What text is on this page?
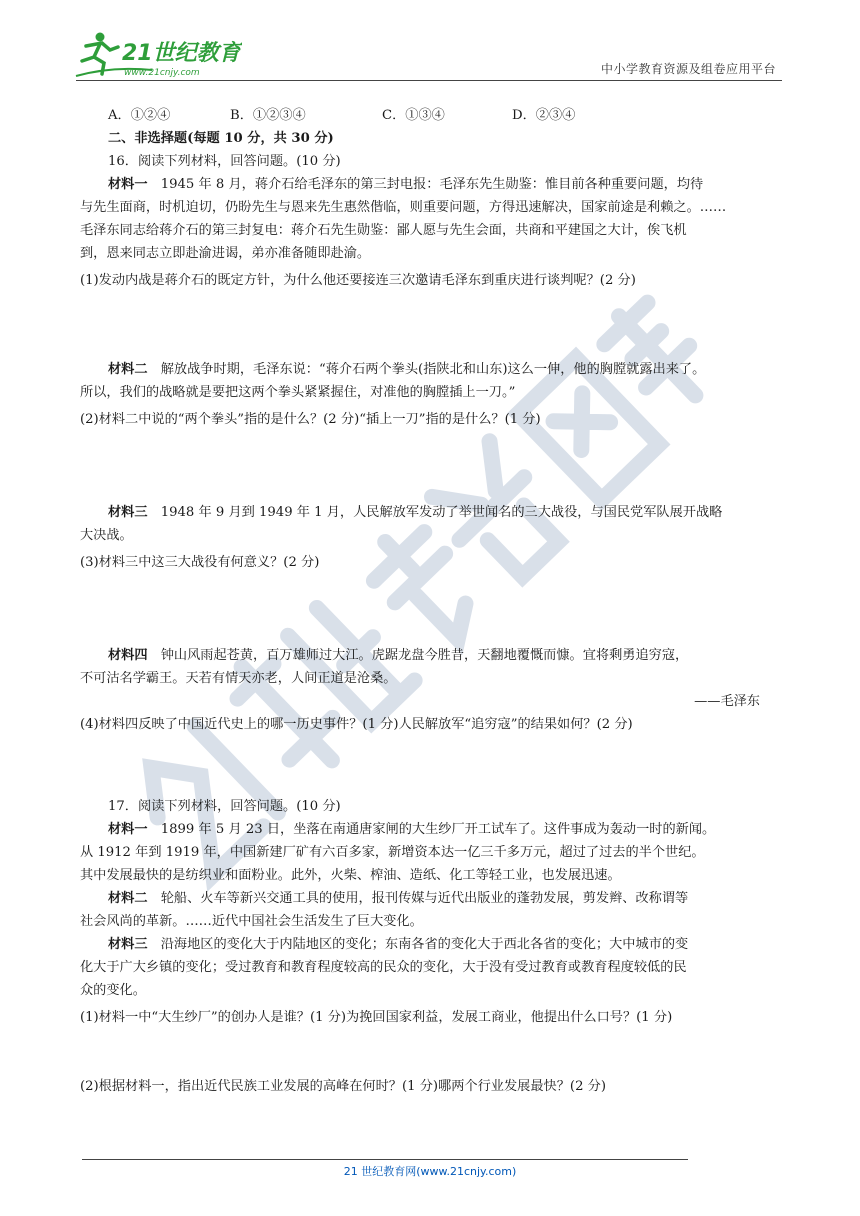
21世纪教育
www.21cnjy.com	中小学教育资源及组卷应用平台
A．①②④	B．①②③④	C．①③④	D．②③④
二、非选择题(每题 10 分，共 30 分)
16．阅读下列材料，回答问题。(10 分)
材料一　1945 年 8 月，蒋介石给毛泽东的第三封电报：毛泽东先生勋鉴：惟目前各种重要问题，均待
与先生面商，时机迫切，仍盼先生与恩来先生惠然偕临，则重要问题，方得迅速解决，国家前途是利赖之。……
毛泽东同志给蒋介石的第三封复电：蒋介石先生勋鉴：鄙人愿与先生会面，共商和平建国之大计，俟飞机
到，恩来同志立即赴渝进谒，弟亦准备随即赴渝。
(1)发动内战是蒋介石的既定方针，为什么他还要接连三次邀请毛泽东到重庆进行谈判呢？(2 分)
材料二　解放战争时期，毛泽东说：“蒋介石两个拳头(指陕北和山东)这么一伸，他的胸膛就露出来了。
所以，我们的战略就是要把这两个拳头紧紧握住，对准他的胸膛插上一刀。”
(2)材料二中说的“两个拳头”指的是什么？(2 分)“插上一刀”指的是什么？(1 分)
材料三　1948 年 9 月到 1949 年 1 月，人民解放军发动了举世闻名的三大战役，与国民党军队展开战略
大决战。
(3)材料三中这三大战役有何意义？(2 分)
材料四　钟山风雨起苍黄，百万雄师过大江。虎踞龙盘今胜昔，天翻地覆慨而慷。宜将剩勇追穷寇，
不可沽名学霸王。天若有情天亦老，人间正道是沧桑。
——毛泽东
(4)材料四反映了中国近代史上的哪一历史事件？(1 分)人民解放军“追穷寇”的结果如何？(2 分)
17．阅读下列材料，回答问题。(10 分)
材料一　1899 年 5 月 23 日，坐落在南通唐家闸的大生纱厂开工试车了。这件事成为轰动一时的新闻。
从 1912 年到 1919 年，中国新建厂矿有六百多家，新增资本达一亿三千多万元，超过了过去的半个世纪。
其中发展最快的是纺织业和面粉业。此外，火柴、榨油、造纸、化工等轻工业，也发展迅速。
材料二　轮船、火车等新兴交通工具的使用，报刊传媒与近代出版业的蓬勃发展，剪发辫、改称谓等
社会风尚的革新。……近代中国社会生活发生了巨大变化。
材料三　沿海地区的变化大于内陆地区的变化；东南各省的变化大于西北各省的变化；大中城市的变
化大于广大乡镇的变化；受过教育和教育程度较高的民众的变化，大于没有受过教育或教育程度较低的民
众的变化。
(1)材料一中“大生纱厂”的创办人是谁？(1 分)为挽回国家利益，发展工商业，他提出什么口号？(1 分)
(2)根据材料一，指出近代民族工业发展的高峰在何时？(1 分)哪两个行业发展最快？(2 分)
21 世纪教育网(www.21cnjy.com)
